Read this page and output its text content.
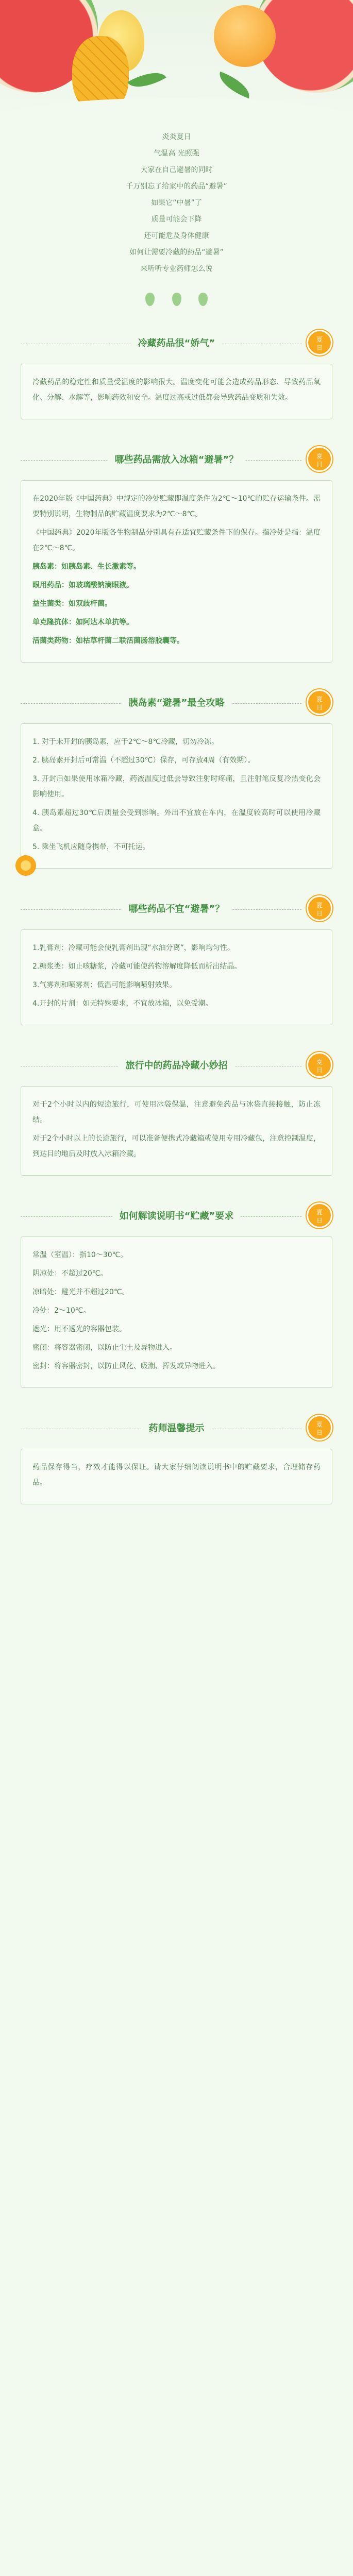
炎炎夏日

气温高 光照强

大家在自己避暑的同时

千万别忘了给家中的药品“避暑”

如果它“中暑”了

质量可能会下降

还可能危及身体健康

如何让需要冷藏的药品“避暑”

来听听专业药师怎么说

冷藏药品很“娇气”	夏
日

冷藏药品的稳定性和质量受温度的影响很大。温度变化可能会造成药品形态、导致药品氧化、分解、水解等，影响药效和安全。温度过高或过低都会导致药品变质和失效。

哪些药品需放入冰箱“避暑”？	夏
日

在2020年版《中国药典》中规定的冷处贮藏即温度条件为2℃～10℃的贮存运输条件。需要特别说明，生物制品的贮藏温度要求为2℃～8℃。

《中国药典》2020年版各生物制品分别具有在适宜贮藏条件下的保存。指冷处是指：温度在2℃～8℃。

胰岛素：如胰岛素、生长激素等。

眼用药品：如玻璃酸钠滴眼液。

益生菌类：如双歧杆菌。

单克隆抗体：如阿达木单抗等。

活菌类药物：如枯草杆菌二联活菌肠溶胶囊等。

胰岛素“避暑”最全攻略	夏
日

1. 对于未开封的胰岛素，应于2℃～8℃冷藏，切勿冷冻。

2. 胰岛素开封后可常温（不超过30℃）保存，可存放4周（有效期）。

3. 开封后如果使用冰箱冷藏，药液温度过低会导致注射时疼痛，且注射笔反复冷热变化会影响使用。

4. 胰岛素超过30℃后质量会受到影响。外出不宜放在车内，在温度较高时可以使用冷藏盒。

5. 乘坐飞机应随身携带，不可托运。

哪些药品不宜“避暑”？	夏
日

1.乳膏剂：冷藏可能会使乳膏剂出现“水油分离”，影响均匀性。

2.糖浆类：如止咳糖浆，冷藏可能使药物溶解度降低而析出结晶。

3.气雾剂和喷雾剂：低温可能影响喷射效果。

4.开封的片剂：如无特殊要求，不宜放冰箱，以免受潮。

旅行中的药品冷藏小妙招	夏
日

对于2个小时以内的短途旅行，可使用冰袋保温，注意避免药品与冰袋直接接触，防止冻结。

对于2个小时以上的长途旅行，可以准备便携式冷藏箱或使用专用冷藏包，注意控制温度，到达目的地后及时放入冰箱冷藏。

如何解读说明书“贮藏”要求	夏
日

常温（室温）：指10～30℃。

阴凉处：不超过20℃。

凉暗处：避光并不超过20℃。

冷处：2～10℃。

遮光：用不透光的容器包装。

密闭：将容器密闭，以防止尘土及异物进入。

密封：将容器密封，以防止风化、吸潮、挥发或异物进入。

药师温馨提示	夏
日

药品保存得当，疗效才能得以保证。请大家仔细阅读说明书中的贮藏要求，合理储存药品。
